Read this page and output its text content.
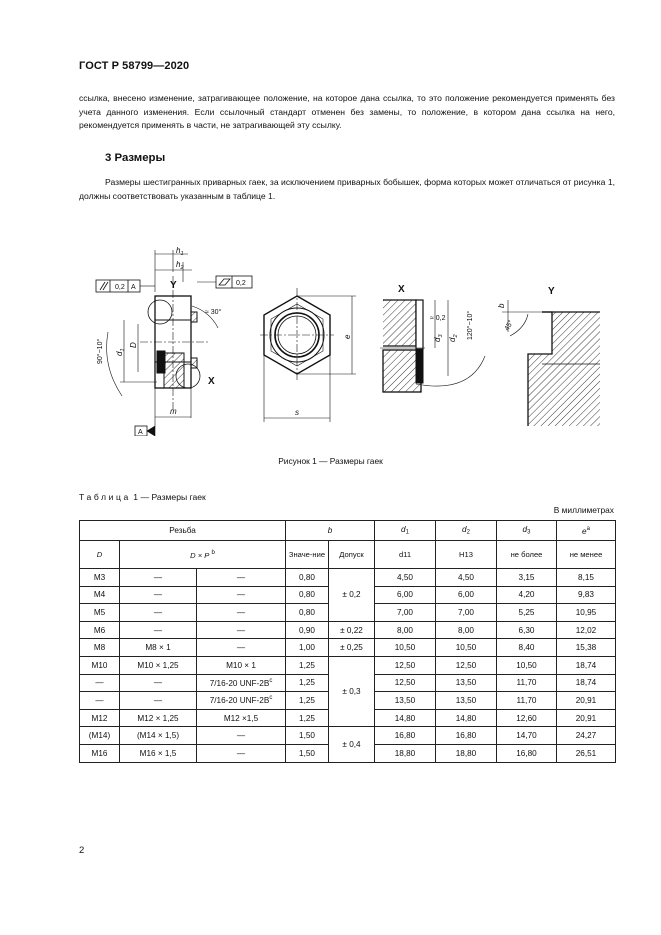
ГОСТ Р 58799—2020

ссылка, внесено изменение, затрагивающее положение, на которое дана ссылка, то это положение рекомендуется применять без учета данного изменения. Если ссылочный стандарт отменен без замены, то положение, в котором дана ссылка на него, рекомендуется применять в части, не затрагивающей эту ссылку.

3 Размеры

Размеры шестигранных приварных гаек, за исключением приварных бобышек, форма которых может отличаться от рисунка 1, должны соответствовать указанным в таблице 1.

$h_1$
$h_2$
0,2 A
0,2
Y
≈ 30°
90°−10° $d_1$
D
m
A
X
e
s
X
≈ 0,2
$d_3$
$d_2$ 120°−10°
Y
b
45°
Рисунок 1 — Размеры гаек
Таблица 1 — Размеры гаек
В миллиметрах
Резьба			b		$d_1$	$d_2$	$d_3$	$e^a$
D	D × P $^b$		Значе-ние	Допуск	d11	H13	не более	не менее
M3	—	—	0,80	± 0,2	4,50	4,50	3,15	8,15
M4	—	—	0,80		6,00	6,00	4,20	9,83
M5	—	—	0,80		7,00	7,00	5,25	10,95
M6	—	—	0,90	± 0,22	8,00	8,00	6,30	12,02
M8	M8 × 1	—	1,00	± 0,25	10,50	10,50	8,40	15,38
M10	M10 × 1,25	M10 × 1	1,25	± 0,3	12,50	12,50	10,50	18,74
—	—	7/16-20 UNF-$2B^c$	1,25		12,50	13,50	11,70	18,74
—	—	7/16-20 UNF-$2B^c$	1,25		13,50	13,50	11,70	20,91
M12	M12 × 1,25	M12 ×1,5	1,25		14,80	14,80	12,60	20,91
(M14)	(M14 × 1,5)	—	1,50	± 0,4	16,80	16,80	14,70	24,27
M16	M16 × 1,5	—	1,50		18,80	18,80	16,80	26,51
2
